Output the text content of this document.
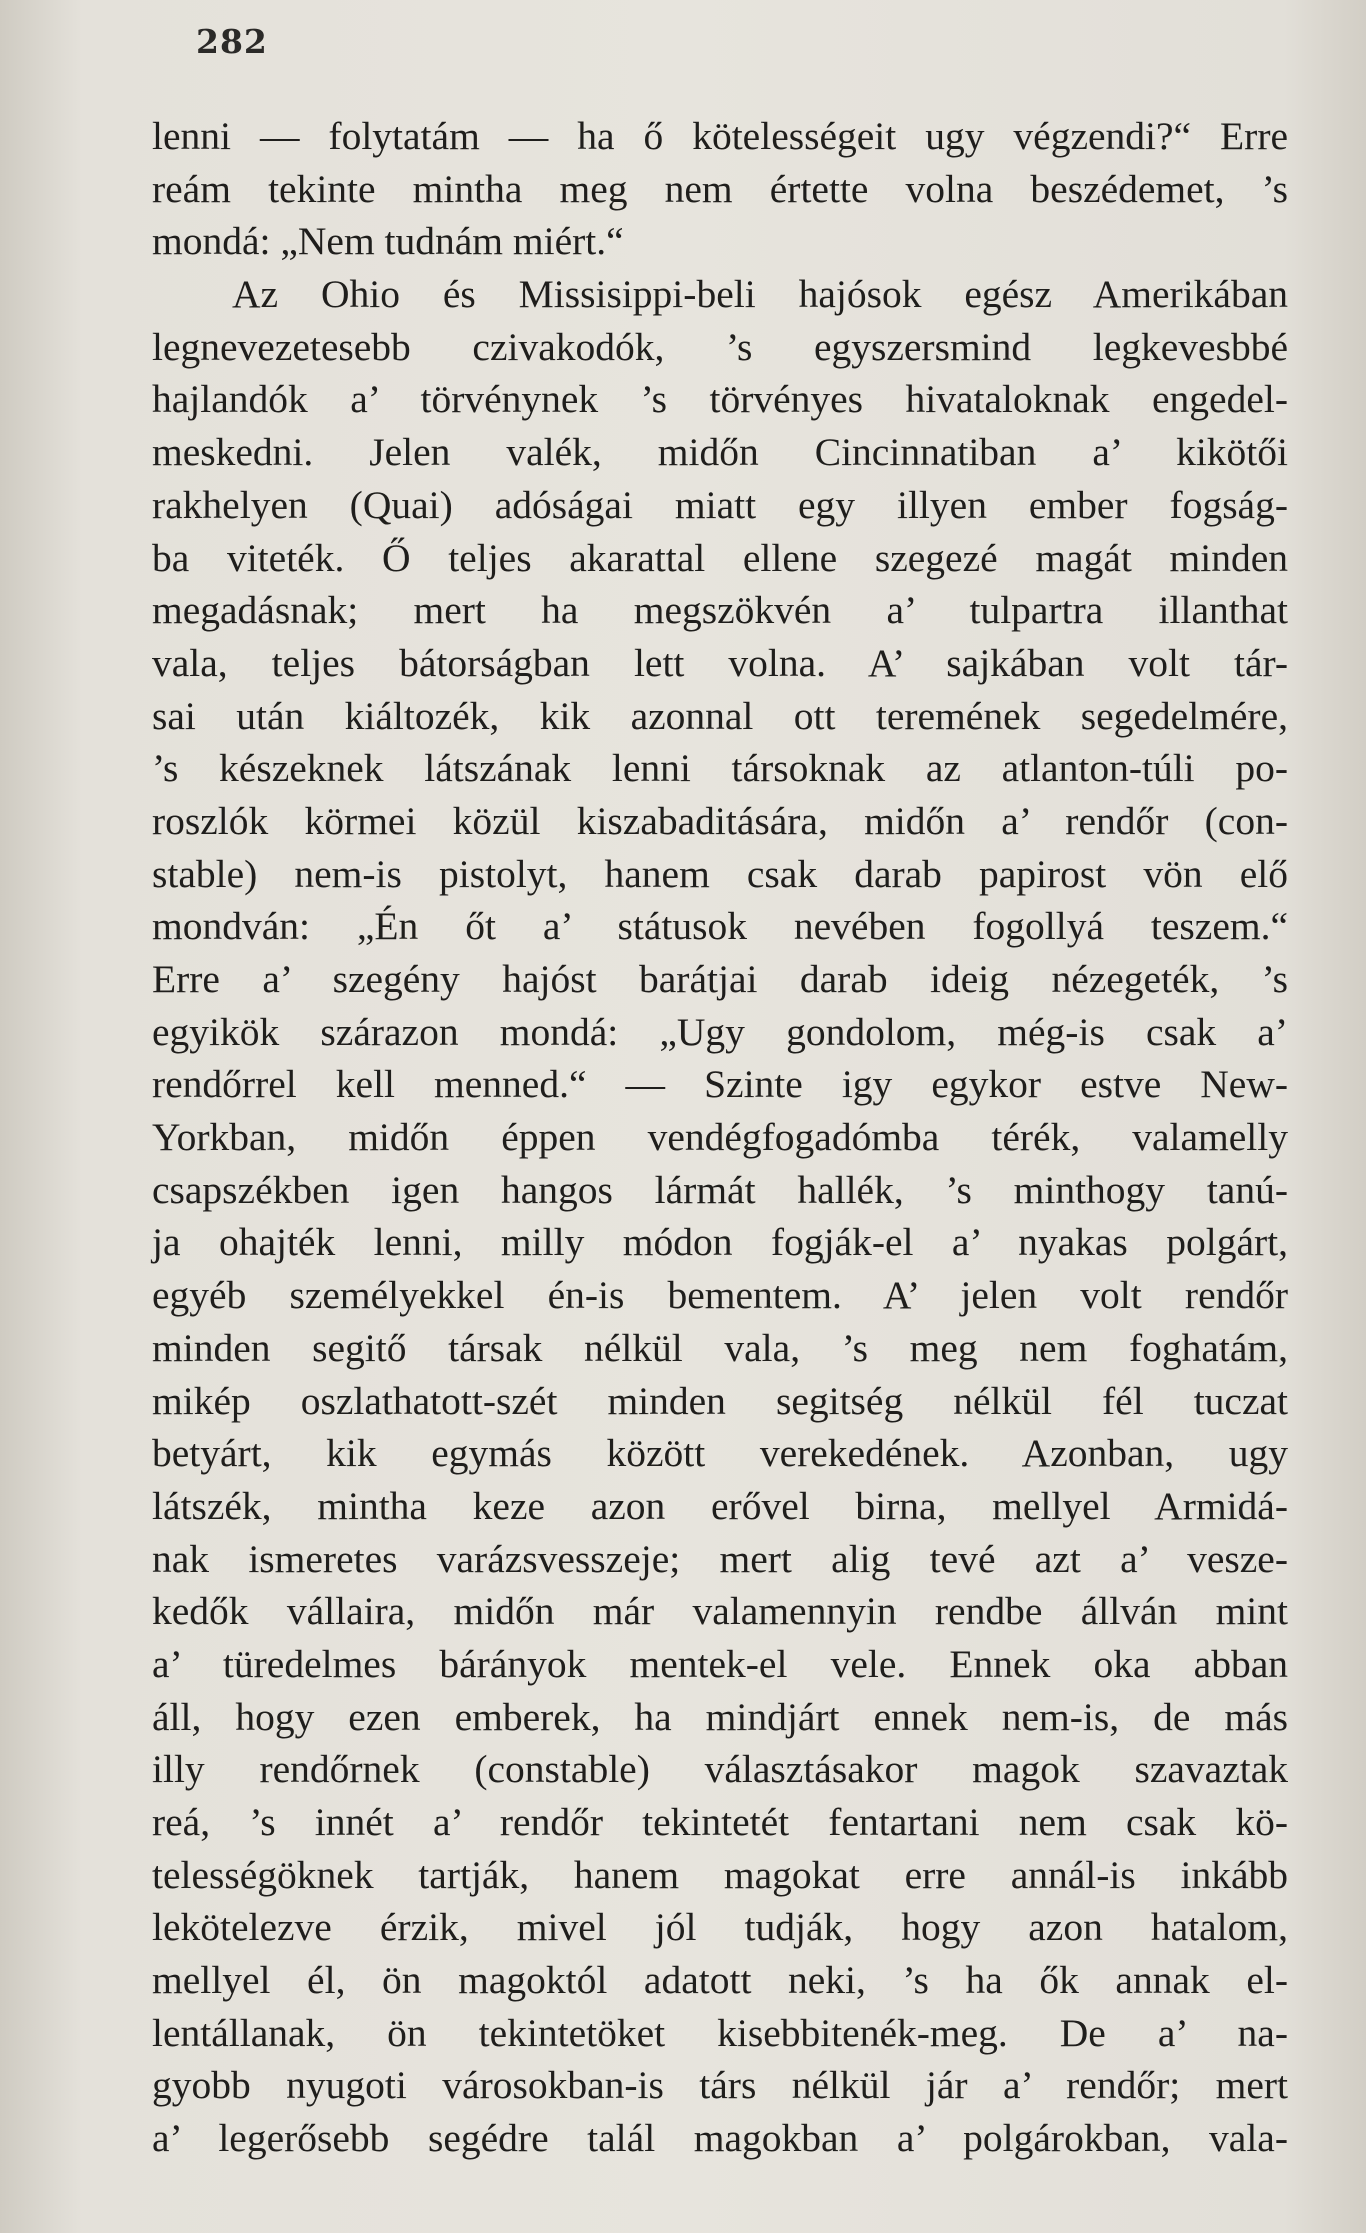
282
lenni — folytatám — ha ő kötelességeit ugy végzendi?“ Erre
reám tekinte mintha meg nem értette volna beszédemet, ’s
mondá: „Nem tudnám miért.“
Az Ohio és Missisippi-beli hajósok egész Amerikában
legnevezetesebb czivakodók, ’s egyszersmind legkevesbbé
hajlandók a’ törvénynek ’s törvényes hivataloknak engedel-
meskedni. Jelen valék, midőn Cincinnatiban a’ kikötői
rakhelyen (Quai) adóságai miatt egy illyen ember fogság-
ba viteték. Ő teljes akarattal ellene szegezé magát minden
megadásnak; mert ha megszökvén a’ tulpartra illanthat
vala, teljes bátorságban lett volna. A’ sajkában volt tár-
sai után kiáltozék, kik azonnal ott teremének segedelmére,
’s készeknek látszának lenni társoknak az atlanton-túli po-
roszlók körmei közül kiszabaditására, midőn a’ rendőr (con-
stable) nem-is pistolyt, hanem csak darab papirost vön elő
mondván: „Én őt a’ státusok nevében fogollyá teszem.“
Erre a’ szegény hajóst barátjai darab ideig nézegeték, ’s
egyikök szárazon mondá: „Ugy gondolom, még-is csak a’
rendőrrel kell menned.“ — Szinte igy egykor estve New-
Yorkban, midőn éppen vendégfogadómba térék, valamelly
csapszékben igen hangos lármát hallék, ’s minthogy tanú-
ja ohajték lenni, milly módon fogják-el a’ nyakas polgárt,
egyéb személyekkel én-is bementem. A’ jelen volt rendőr
minden segitő társak nélkül vala, ’s meg nem foghatám,
mikép oszlathatott-szét minden segitség nélkül fél tuczat
betyárt, kik egymás között verekedének. Azonban, ugy
látszék, mintha keze azon erővel birna, mellyel Armidá-
nak ismeretes varázsvesszeje; mert alig tevé azt a’ veszе-
kedők vállaira, midőn már valamennyin rendbe állván mint
a’ türedelmes bárányok mentek-el vele. Ennek oka abban
áll, hogy ezen emberek, ha mindjárt ennek nem-is, de más
illy rendőrnek (constable) választásakor magok szavaztak
reá, ’s innét a’ rendőr tekintetét fentartani nem csak kö-
telességöknek tartják, hanem magokat erre annál-is inkább
lekötelezve érzik, mivel jól tudják, hogy azon hatalom,
mellyel él, ön magoktól adatott neki, ’s ha ők annak el-
lentállanak, ön tekintetöket kisebbitenék-meg. De a’ na-
gyobb nyugoti városokban-is társ nélkül jár a’ rendőr; mert
a’ legerősebb segédre talál magokban a’ polgárokban, vala-
